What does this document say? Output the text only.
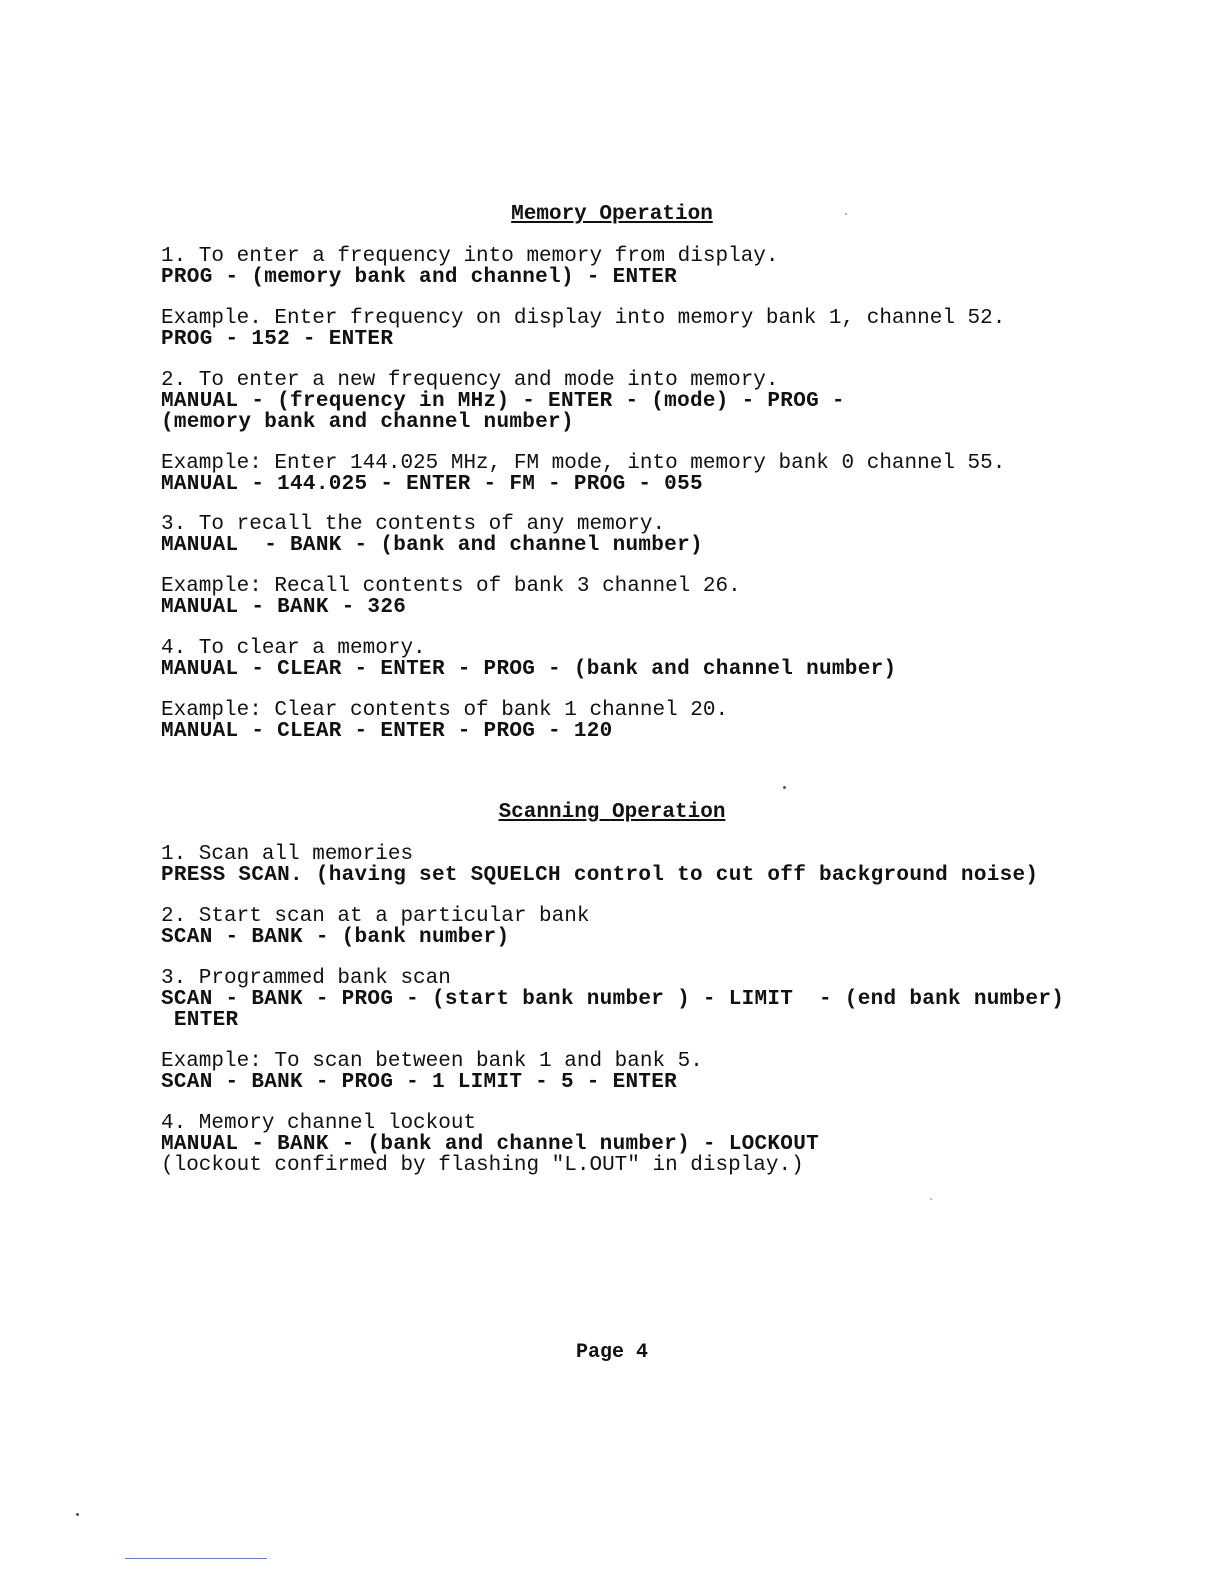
Memory Operation
1. To enter a frequency into memory from display.
PROG - (memory bank and channel) - ENTER
Example. Enter frequency on display into memory bank 1, channel 52.
PROG - 152 - ENTER
2. To enter a new frequency and mode into memory.
MANUAL - (frequency in MHz) - ENTER - (mode) - PROG -
(memory bank and channel number)
Example: Enter 144.025 MHz, FM mode, into memory bank 0 channel 55.
MANUAL - 144.025 - ENTER - FM - PROG - 055
3. To recall the contents of any memory.
MANUAL  - BANK - (bank and channel number)
Example: Recall contents of bank 3 channel 26.
MANUAL - BANK - 326
4. To clear a memory.
MANUAL - CLEAR - ENTER - PROG - (bank and channel number)
Example: Clear contents of bank 1 channel 20.
MANUAL - CLEAR - ENTER - PROG - 120
Scanning Operation
1. Scan all memories
PRESS SCAN. (having set SQUELCH control to cut off background noise)
2. Start scan at a particular bank
SCAN - BANK - (bank number)
3. Programmed bank scan
SCAN - BANK - PROG - (start bank number ) - LIMIT  - (end bank number)
ENTER
Example: To scan between bank 1 and bank 5.
SCAN - BANK - PROG - 1 LIMIT - 5 - ENTER
4. Memory channel lockout
MANUAL - BANK - (bank and channel number) - LOCKOUT
(lockout confirmed by flashing "L.OUT" in display.)
Page 4
